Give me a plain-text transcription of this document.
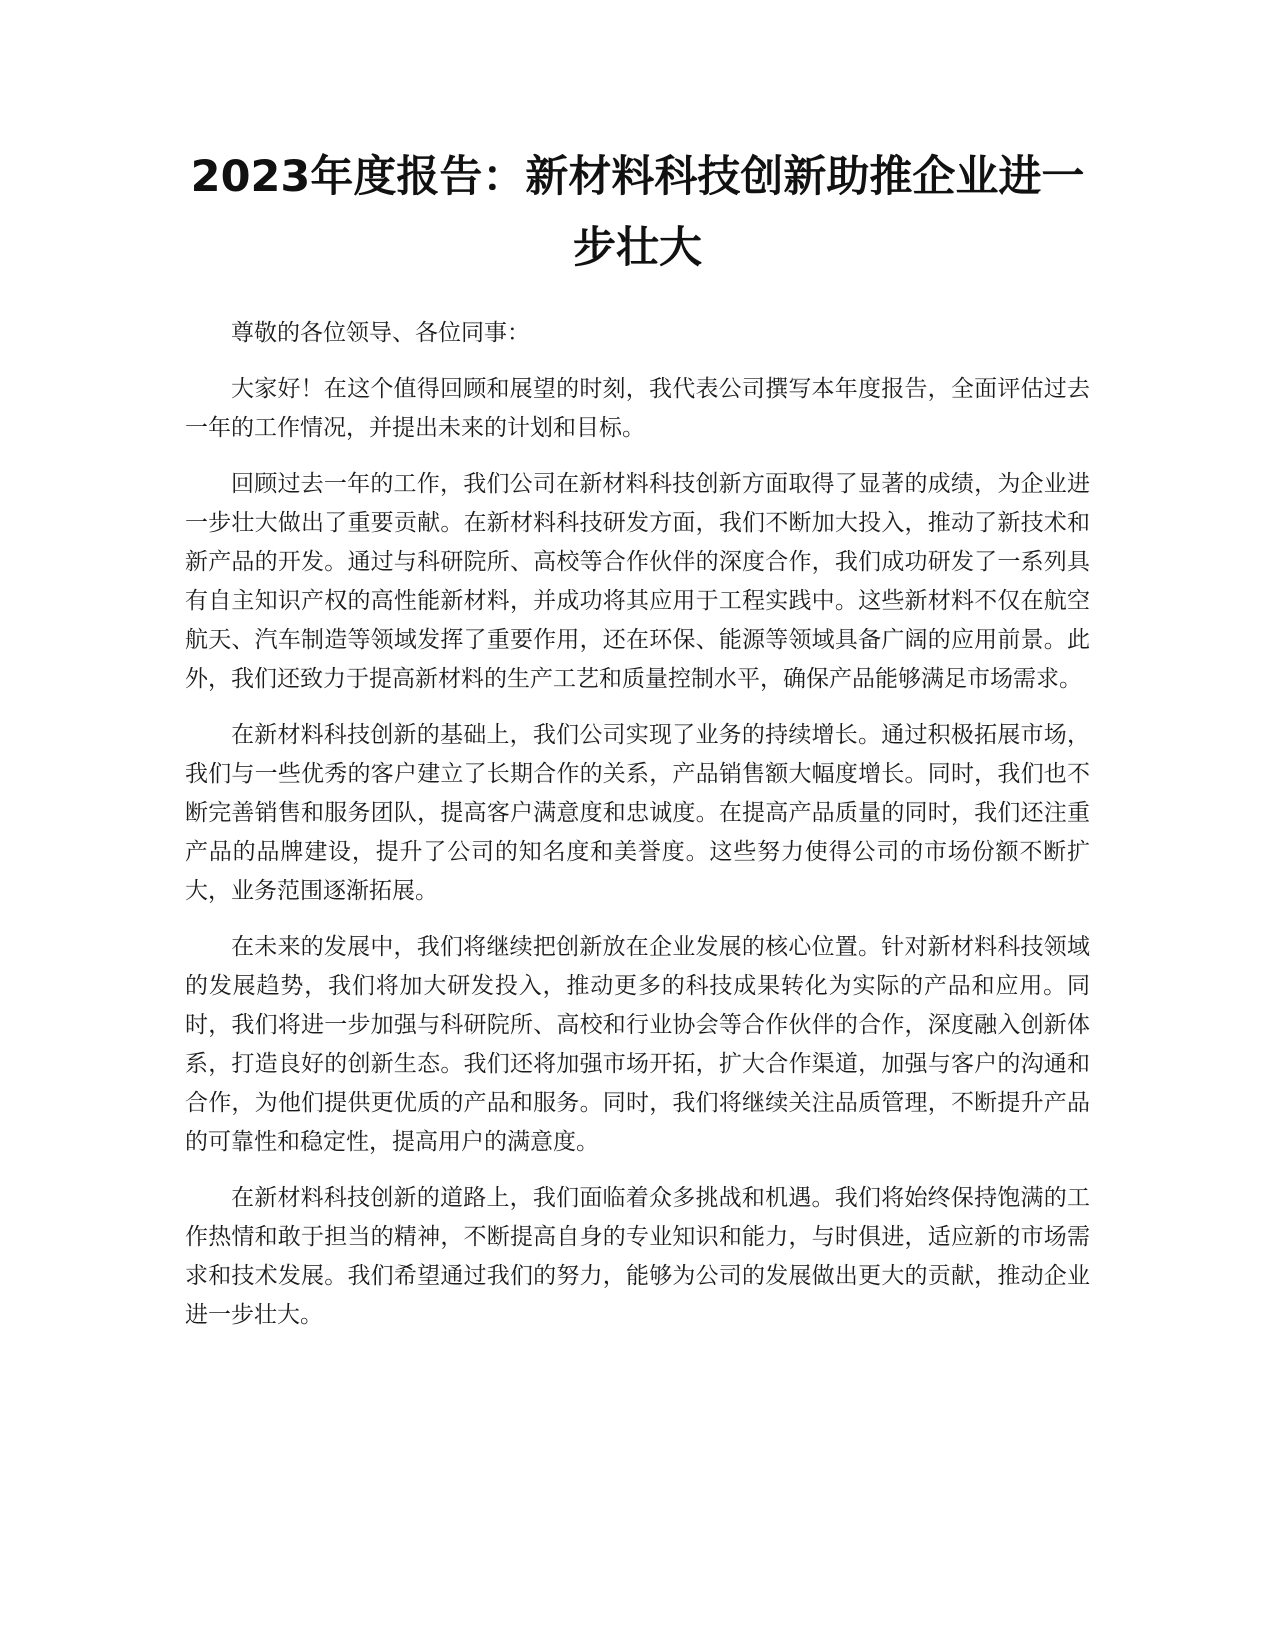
2023年度报告：新材料科技创新助推企业进一步壮大

尊敬的各位领导、各位同事：

大家好！在这个值得回顾和展望的时刻，我代表公司撰写本年度报告，全面评估过去一年的工作情况，并提出未来的计划和目标。

回顾过去一年的工作，我们公司在新材料科技创新方面取得了显著的成绩，为企业进一步壮大做出了重要贡献。在新材料科技研发方面，我们不断加大投入，推动了新技术和新产品的开发。通过与科研院所、高校等合作伙伴的深度合作，我们成功研发了一系列具有自主知识产权的高性能新材料，并成功将其应用于工程实践中。这些新材料不仅在航空航天、汽车制造等领域发挥了重要作用，还在环保、能源等领域具备广阔的应用前景。此外，我们还致力于提高新材料的生产工艺和质量控制水平，确保产品能够满足市场需求。

在新材料科技创新的基础上，我们公司实现了业务的持续增长。通过积极拓展市场，我们与一些优秀的客户建立了长期合作的关系，产品销售额大幅度增长。同时，我们也不断完善销售和服务团队，提高客户满意度和忠诚度。在提高产品质量的同时，我们还注重产品的品牌建设，提升了公司的知名度和美誉度。这些努力使得公司的市场份额不断扩大，业务范围逐渐拓展。

在未来的发展中，我们将继续把创新放在企业发展的核心位置。针对新材料科技领域的发展趋势，我们将加大研发投入，推动更多的科技成果转化为实际的产品和应用。同时，我们将进一步加强与科研院所、高校和行业协会等合作伙伴的合作，深度融入创新体系，打造良好的创新生态。我们还将加强市场开拓，扩大合作渠道，加强与客户的沟通和合作，为他们提供更优质的产品和服务。同时，我们将继续关注品质管理，不断提升产品的可靠性和稳定性，提高用户的满意度。

在新材料科技创新的道路上，我们面临着众多挑战和机遇。我们将始终保持饱满的工作热情和敢于担当的精神，不断提高自身的专业知识和能力，与时俱进，适应新的市场需求和技术发展。我们希望通过我们的努力，能够为公司的发展做出更大的贡献，推动企业进一步壮大。
